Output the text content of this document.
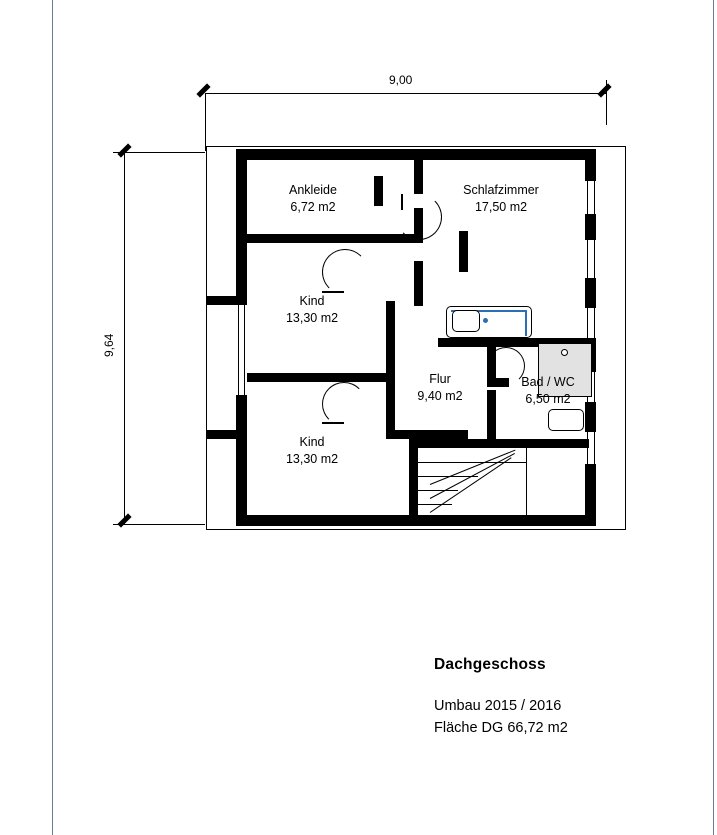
9,00
9,64
Ankleide
6,72 m2
Schlafzimmer
17,50 m2
Kind
13,30 m2
Kind
13,30 m2
Flur
9,40 m2
Bad / WC
6,50 m2

Dachgeschoss

Umbau 2015 / 2016

Fläche DG 66,72 m2
